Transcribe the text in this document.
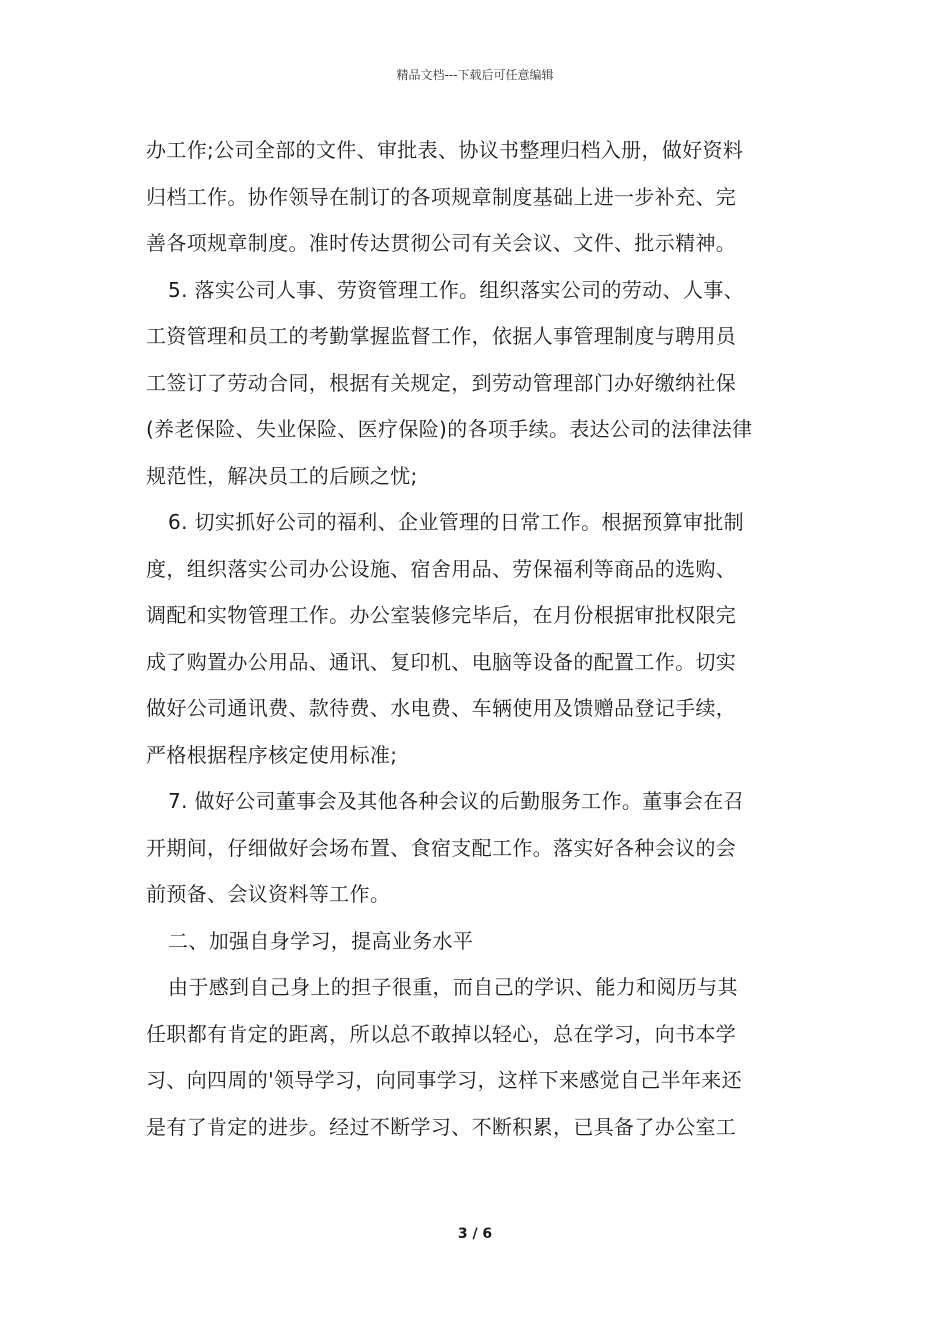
精品文档---下载后可任意编辑
办工作;公司全部的文件、审批表、协议书整理归档入册，做好资料
归档工作。协作领导在制订的各项规章制度基础上进一步补充、完
善各项规章制度。准时传达贯彻公司有关会议、文件、批示精神。
5. 落实公司人事、劳资管理工作。组织落实公司的劳动、人事、
工资管理和员工的考勤掌握监督工作，依据人事管理制度与聘用员
工签订了劳动合同，根据有关规定，到劳动管理部门办好缴纳社保
(养老保险、失业保险、医疗保险)的各项手续。表达公司的法律法律
规范性，解决员工的后顾之忧;
6. 切实抓好公司的福利、企业管理的日常工作。根据预算审批制
度，组织落实公司办公设施、宿舍用品、劳保福利等商品的选购、
调配和实物管理工作。办公室装修完毕后，在月份根据审批权限完
成了购置办公用品、通讯、复印机、电脑等设备的配置工作。切实
做好公司通讯费、款待费、水电费、车辆使用及馈赠品登记手续，
严格根据程序核定使用标准;
7. 做好公司董事会及其他各种会议的后勤服务工作。董事会在召
开期间，仔细做好会场布置、食宿支配工作。落实好各种会议的会
前预备、会议资料等工作。
二、加强自身学习，提高业务水平
由于感到自己身上的担子很重，而自己的学识、能力和阅历与其
任职都有肯定的距离，所以总不敢掉以轻心，总在学习，向书本学
习、向四周的'领导学习，向同事学习，这样下来感觉自己半年来还
是有了肯定的进步。经过不断学习、不断积累，已具备了办公室工
3 / 6
